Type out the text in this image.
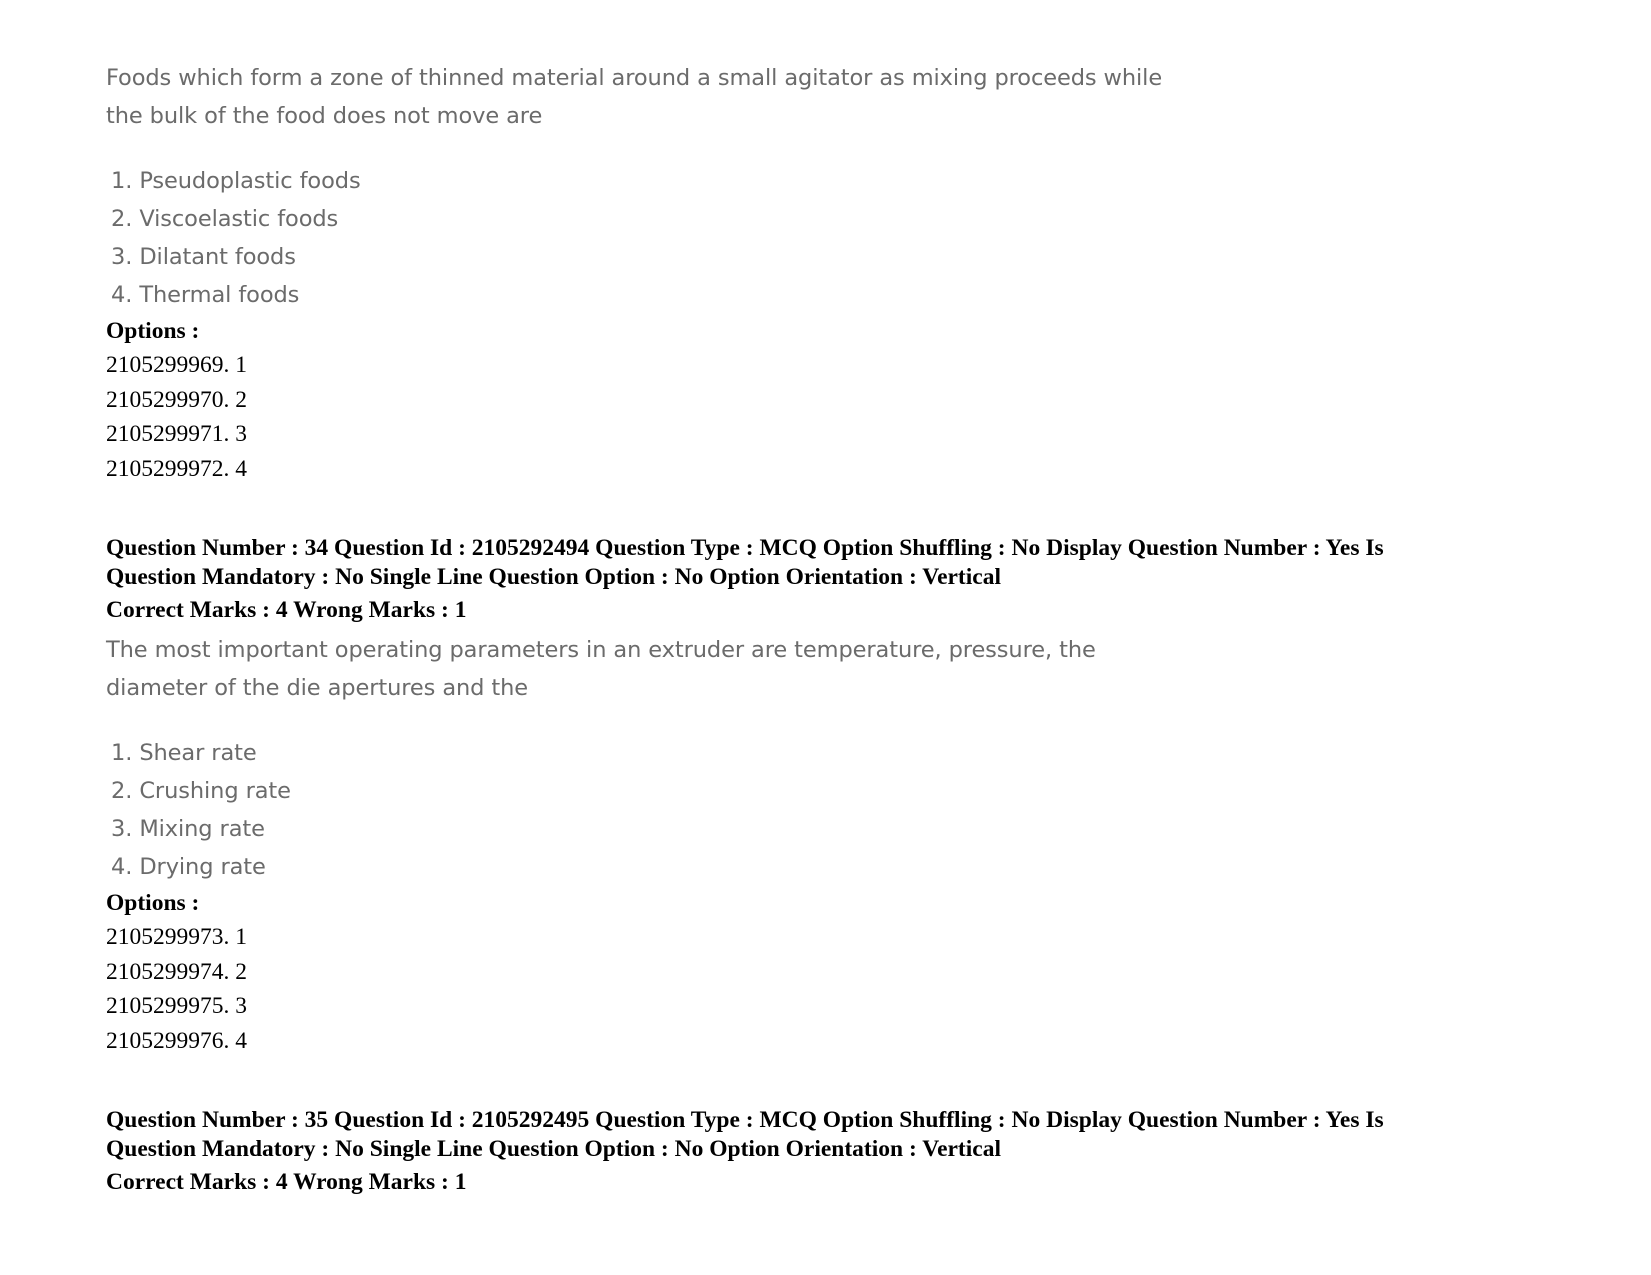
Foods which form a zone of thinned material around a small agitator as mixing proceeds while
the bulk of the food does not move are
1. Pseudoplastic foods
2. Viscoelastic foods
3. Dilatant foods
4. Thermal foods
Options :
2105299969. 1
2105299970. 2
2105299971. 3
2105299972. 4
Question Number : 34 Question Id : 2105292494 Question Type : MCQ Option Shuffling : No Display Question Number : Yes Is
Question Mandatory : No Single Line Question Option : No Option Orientation : Vertical
Correct Marks : 4 Wrong Marks : 1
The most important operating parameters in an extruder are temperature, pressure, the
diameter of the die apertures and the
1. Shear rate
2. Crushing rate
3. Mixing rate
4. Drying rate
Options :
2105299973. 1
2105299974. 2
2105299975. 3
2105299976. 4
Question Number : 35 Question Id : 2105292495 Question Type : MCQ Option Shuffling : No Display Question Number : Yes Is
Question Mandatory : No Single Line Question Option : No Option Orientation : Vertical
Correct Marks : 4 Wrong Marks : 1
